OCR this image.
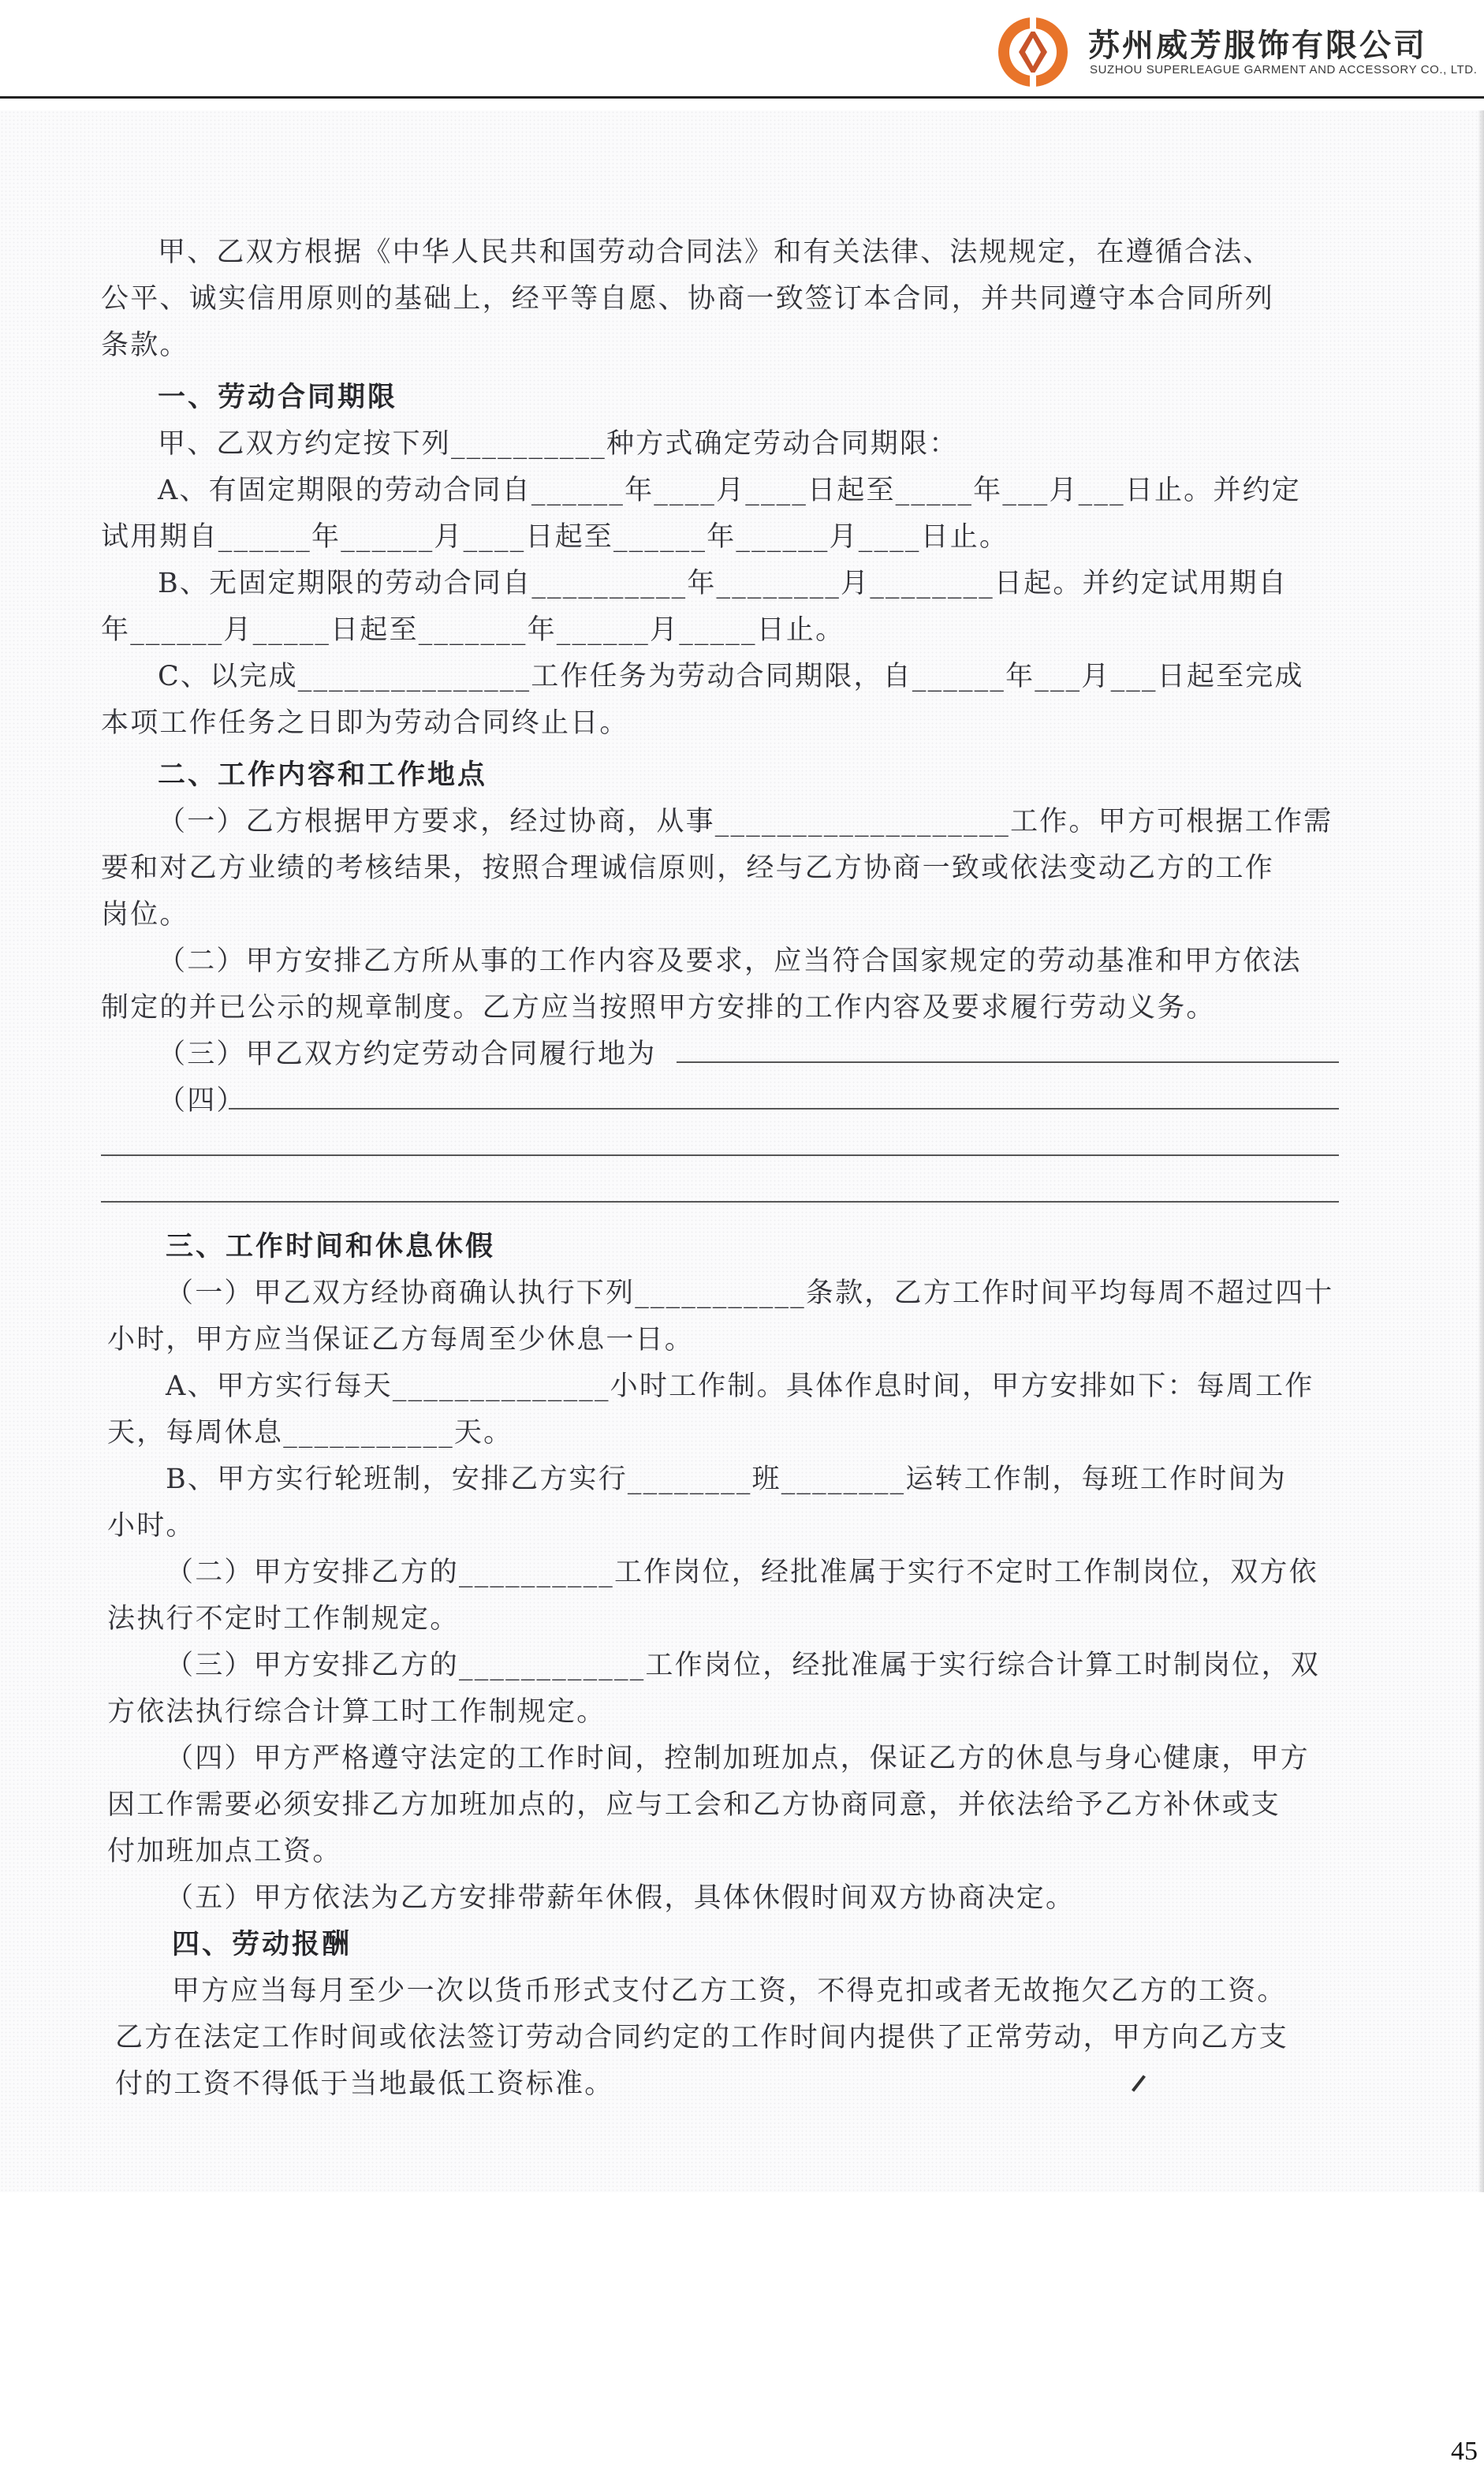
苏州威芳服饰有限公司
SUZHOU SUPERLEAGUE GARMENT AND ACCESSORY CO., LTD.
甲、乙双方根据《中华人民共和国劳动合同法》和有关法律、法规规定，在遵循合法、
公平、诚实信用原则的基础上，经平等自愿、协商一致签订本合同，并共同遵守本合同所列
条款。
一、劳动合同期限
甲、乙双方约定按下列__________种方式确定劳动合同期限：
A、有固定期限的劳动合同自______年____月____日起至_____年___月___日止。并约定
试用期自______年______月____日起至______年______月____日止。
B、无固定期限的劳动合同自__________年________月________日起。并约定试用期自
年______月_____日起至_______年______月_____日止。
C、以完成_______________工作任务为劳动合同期限，自______年___月___日起至完成
本项工作任务之日即为劳动合同终止日。
二、工作内容和工作地点
（一）乙方根据甲方要求，经过协商，从事___________________工作。甲方可根据工作需
要和对乙方业绩的考核结果，按照合理诚信原则，经与乙方协商一致或依法变动乙方的工作
岗位。
（二）甲方安排乙方所从事的工作内容及要求，应当符合国家规定的劳动基准和甲方依法
制定的并已公示的规章制度。乙方应当按照甲方安排的工作内容及要求履行劳动义务。
（三）甲乙双方约定劳动合同履行地为
（四）
三、工作时间和休息休假
（一）甲乙双方经协商确认执行下列___________条款，乙方工作时间平均每周不超过四十
小时，甲方应当保证乙方每周至少休息一日。
A、甲方实行每天______________小时工作制。具体作息时间，甲方安排如下：每周工作
天，每周休息___________天。
B、甲方实行轮班制，安排乙方实行________班________运转工作制，每班工作时间为
小时。
（二）甲方安排乙方的__________工作岗位，经批准属于实行不定时工作制岗位，双方依
法执行不定时工作制规定。
（三）甲方安排乙方的____________工作岗位，经批准属于实行综合计算工时制岗位，双
方依法执行综合计算工时工作制规定。
（四）甲方严格遵守法定的工作时间，控制加班加点，保证乙方的休息与身心健康，甲方
因工作需要必须安排乙方加班加点的，应与工会和乙方协商同意，并依法给予乙方补休或支
付加班加点工资。
（五）甲方依法为乙方安排带薪年休假，具体休假时间双方协商决定。
四、劳动报酬
甲方应当每月至少一次以货币形式支付乙方工资，不得克扣或者无故拖欠乙方的工资。
乙方在法定工作时间或依法签订劳动合同约定的工作时间内提供了正常劳动，甲方向乙方支
付的工资不得低于当地最低工资标准。
45
